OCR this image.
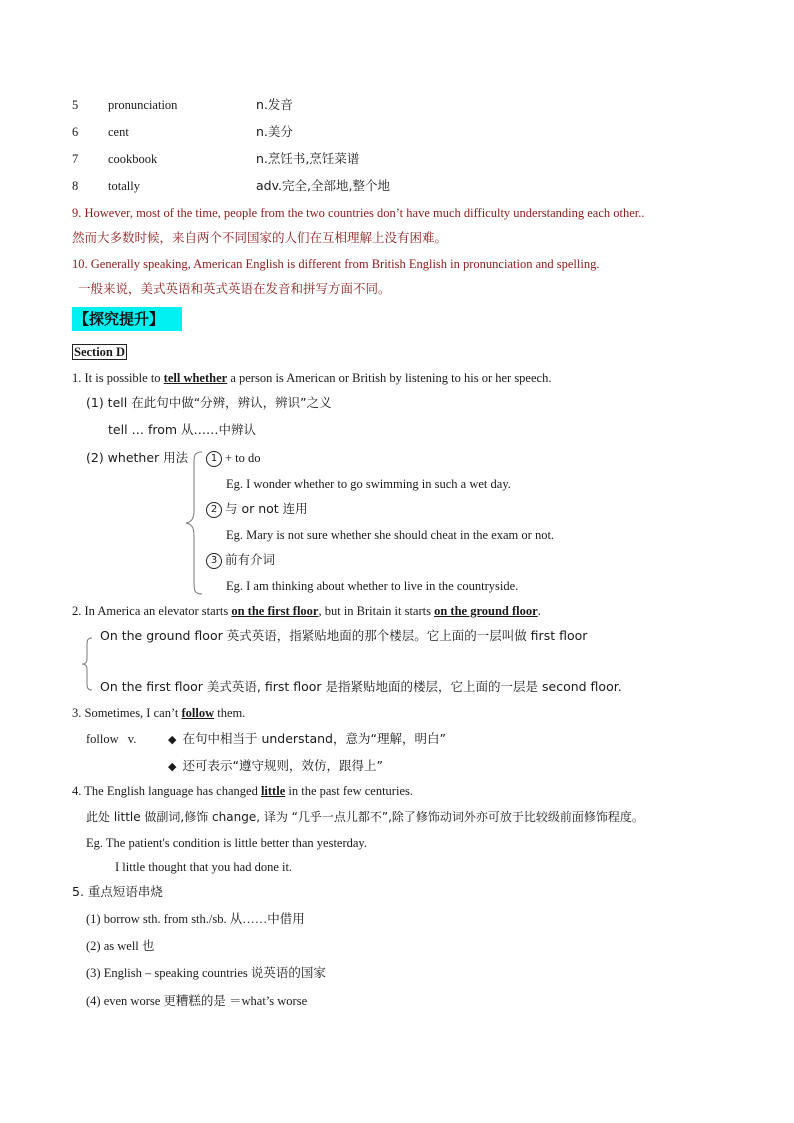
5 pronunciation	n.发音
6 cent	n.美分
7 cookbook	n.烹饪书,烹饪菜谱
8 totally	adv.完全,全部地,整个地
9. However, most of the time, people from the two countries don’t have much difficulty understanding each other..
然而大多数时候，来自两个不同国家的人们在互相理解上没有困难。
10. Generally speaking, American English is different from British English in pronunciation and spelling.
一般来说，美式英语和英式英语在发音和拼写方面不同。
【探究提升】
Section D
1. It is possible to tell whether a person is American or British by listening to his or her speech.
(1) tell 在此句中做“分辨，辨认，辨识”之义
tell … from 从……中辨认
(2) whether 用法	1 + to do
Eg. I wonder whether to go swimming in such a wet day.
2 与 or not 连用
Eg. Mary is not sure whether she should cheat in the exam or not.
3 前有介词
Eg. I am thinking about whether to live in the countryside.
2. In America an elevator starts on the first floor, but in Britain it starts on the ground floor.
On the ground floor 英式英语，指紧贴地面的那个楼层。它上面的一层叫做 first floor
On the first floor 美式英语, first floor 是指紧贴地面的楼层，它上面的一层是 second floor.
3. Sometimes, I can’t follow them.
follow v.	◆ 在句中相当于 understand，意为“理解，明白”
◆ 还可表示“遵守规则，效仿，跟得上”
4. The English language has changed little in the past few centuries.
此处 little 做副词,修饰 change, 译为 “几乎一点儿都不”,除了修饰动词外亦可放于比较级前面修饰程度。
Eg. The patient's condition is little better than yesterday.
I little thought that you had done it.
5. 重点短语串烧
(1) borrow sth. from sth./sb. 从……中借用
(2) as well 也
(3) English – speaking countries 说英语的国家
(4) even worse 更糟糕的是 ＝what’s worse
